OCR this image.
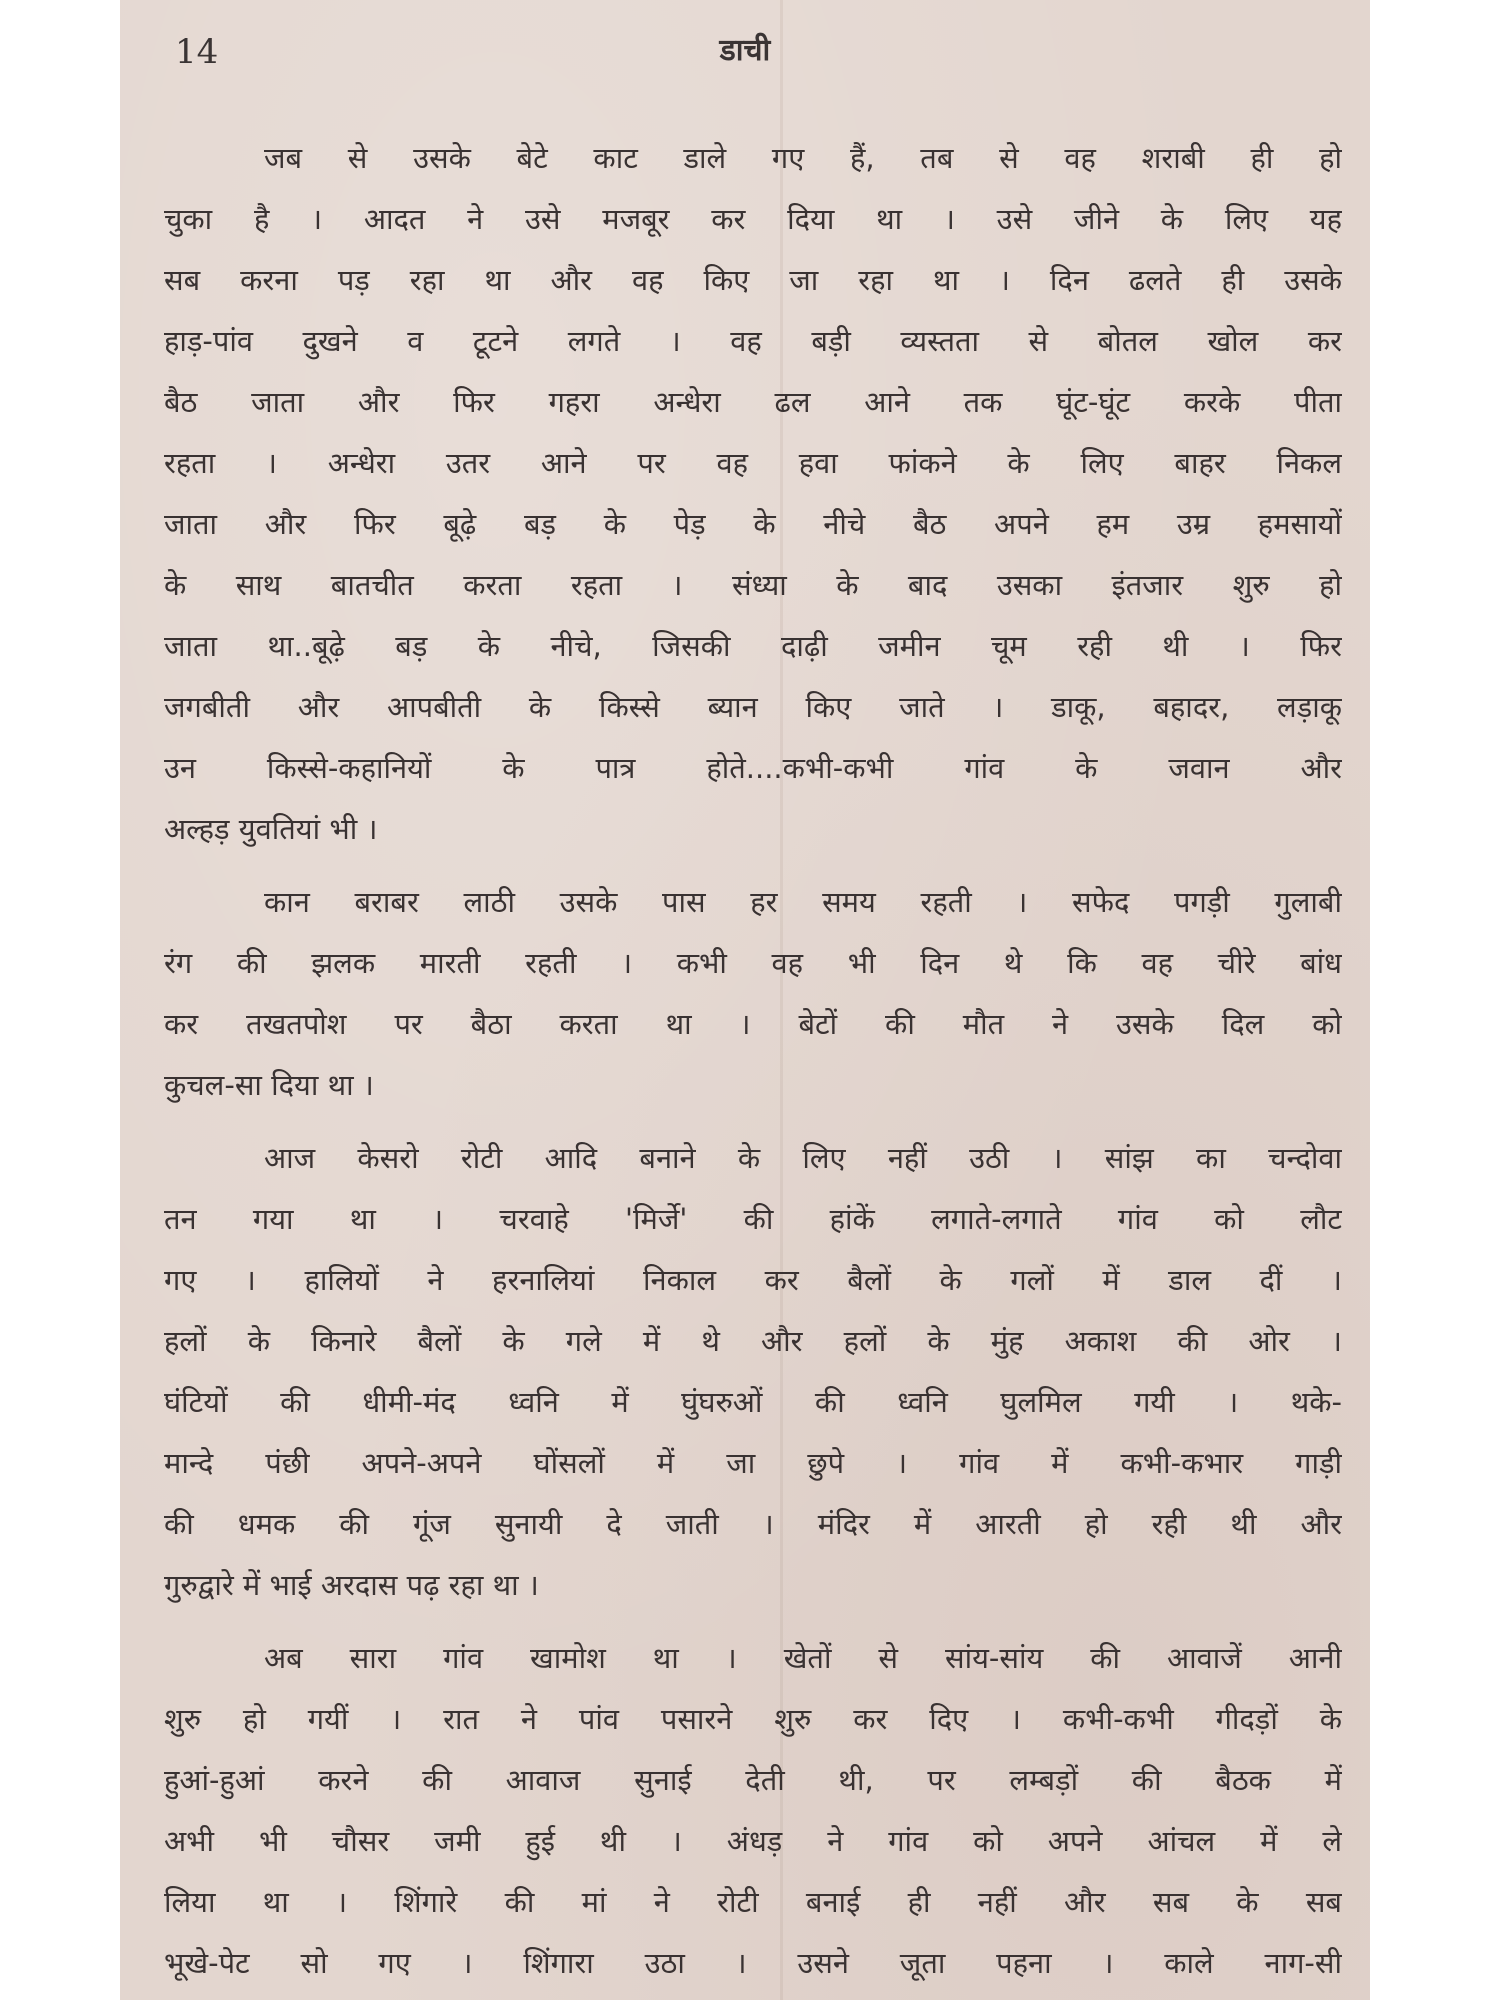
14	डाची
जब से उसके बेटे काट डाले गए हैं, तब से वह शराबी ही हो
चुका है । आदत ने उसे मजबूर कर दिया था । उसे जीने के लिए यह
सब करना पड़ रहा था और वह किए जा रहा था । दिन ढलते ही उसके
हाड़-पांव दुखने व टूटने लगते । वह बड़ी व्यस्तता से बोतल खोल कर
बैठ जाता और फिर गहरा अन्धेरा ढल आने तक घूंट-घूंट करके पीता
रहता । अन्धेरा उतर आने पर वह हवा फांकने के लिए बाहर निकल
जाता और फिर बूढ़े बड़ के पेड़ के नीचे बैठ अपने हम उम्र हमसायों
के साथ बातचीत करता रहता । संध्या के बाद उसका इंतजार शुरु हो
जाता था..बूढ़े बड़ के नीचे, जिसकी दाढ़ी जमीन चूम रही थी । फिर
जगबीती और आपबीती के किस्से ब्यान किए जाते । डाकू, बहादर, लड़ाकू
उन किस्से-कहानियों के पात्र होते....कभी-कभी गांव के जवान और
अल्हड़ युवतियां भी ।
कान बराबर लाठी उसके पास हर समय रहती । सफेद पगड़ी गुलाबी
रंग की झलक मारती रहती । कभी वह भी दिन थे कि वह चीरे बांध
कर तखतपोश पर बैठा करता था । बेटों की मौत ने उसके दिल को
कुचल-सा दिया था ।
आज केसरो रोटी आदि बनाने के लिए नहीं उठी । सांझ का चन्दोवा
तन गया था । चरवाहे 'मिर्जे' की हांकें लगाते-लगाते गांव को लौट
गए । हालियों ने हरनालियां निकाल कर बैलों के गलों में डाल दीं ।
हलों के किनारे बैलों के गले में थे और हलों के मुंह अकाश की ओर ।
घंटियों की धीमी-मंद ध्वनि में घुंघरुओं की ध्वनि घुलमिल गयी । थके-
मान्दे पंछी अपने-अपने घोंसलों में जा छुपे । गांव में कभी-कभार गाड़ी
की धमक की गूंज सुनायी दे जाती । मंदिर में आरती हो रही थी और
गुरुद्वारे में भाई अरदास पढ़ रहा था ।
अब सारा गांव खामोश था । खेतों से सांय-सांय की आवाजें आनी
शुरु हो गयीं । रात ने पांव पसारने शुरु कर दिए । कभी-कभी गीदड़ों के
हुआं-हुआं करने की आवाज सुनाई देती थी, पर लम्बड़ों की बैठक में
अभी भी चौसर जमी हुई थी । अंधड़ ने गांव को अपने आंचल में ले
लिया था । शिंगारे की मां ने रोटी बनाई ही नहीं और सब के सब
भूखे-पेट सो गए । शिंगारा उठा । उसने जूता पहना । काले नाग-सी
